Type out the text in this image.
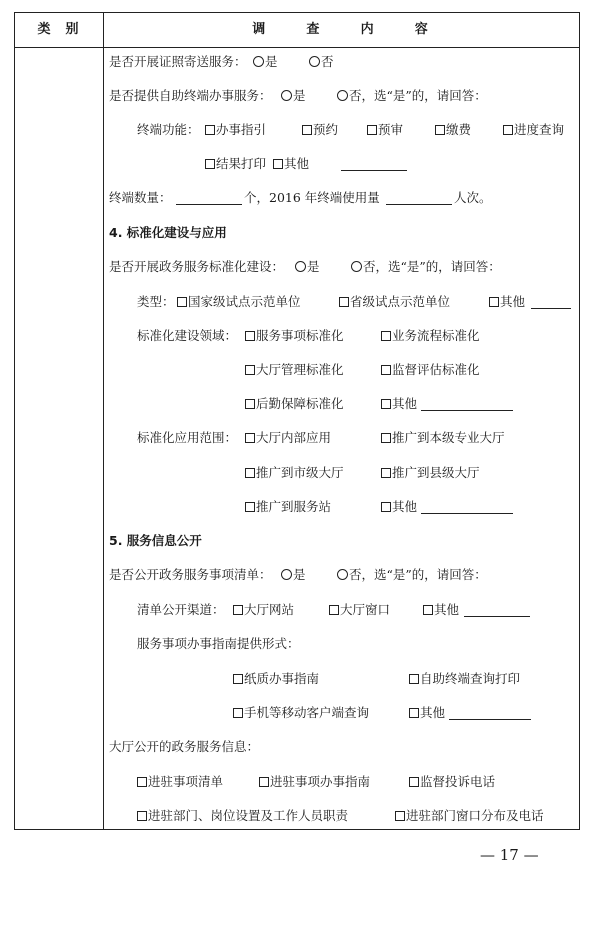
类  别	调      查      内      容
是否开展证照寄送服务：	是	否
是否提供自助终端办事服务：	是	否，选“是”的，请回答：
终端功能：	办事指引	预约	预审	缴费	进度查询
结果打印	其他
终端数量：	个，2016 年终端使用量	人次。
4. 标准化建设与应用
是否开展政务服务标准化建设：	是	否，选“是”的，请回答：
类型：	国家级试点示范单位	省级试点示范单位	其他
标准化建设领域：	服务事项标准化	业务流程标准化
大厅管理标准化	监督评估标准化
后勤保障标准化	其他
标准化应用范围：	大厅内部应用	推广到本级专业大厅
推广到市级大厅	推广到县级大厅
推广到服务站	其他
5. 服务信息公开
是否公开政务服务事项清单：	是	否，选“是”的，请回答：
清单公开渠道：	大厅网站	大厅窗口	其他
服务事项办事指南提供形式：
纸质办事指南	自助终端查询打印
手机等移动客户端查询	其他
大厅公开的政务服务信息：
进驻事项清单	进驻事项办事指南	监督投诉电话
进驻部门、岗位设置及工作人员职责	进驻部门窗口分布及电话
— 17 —
